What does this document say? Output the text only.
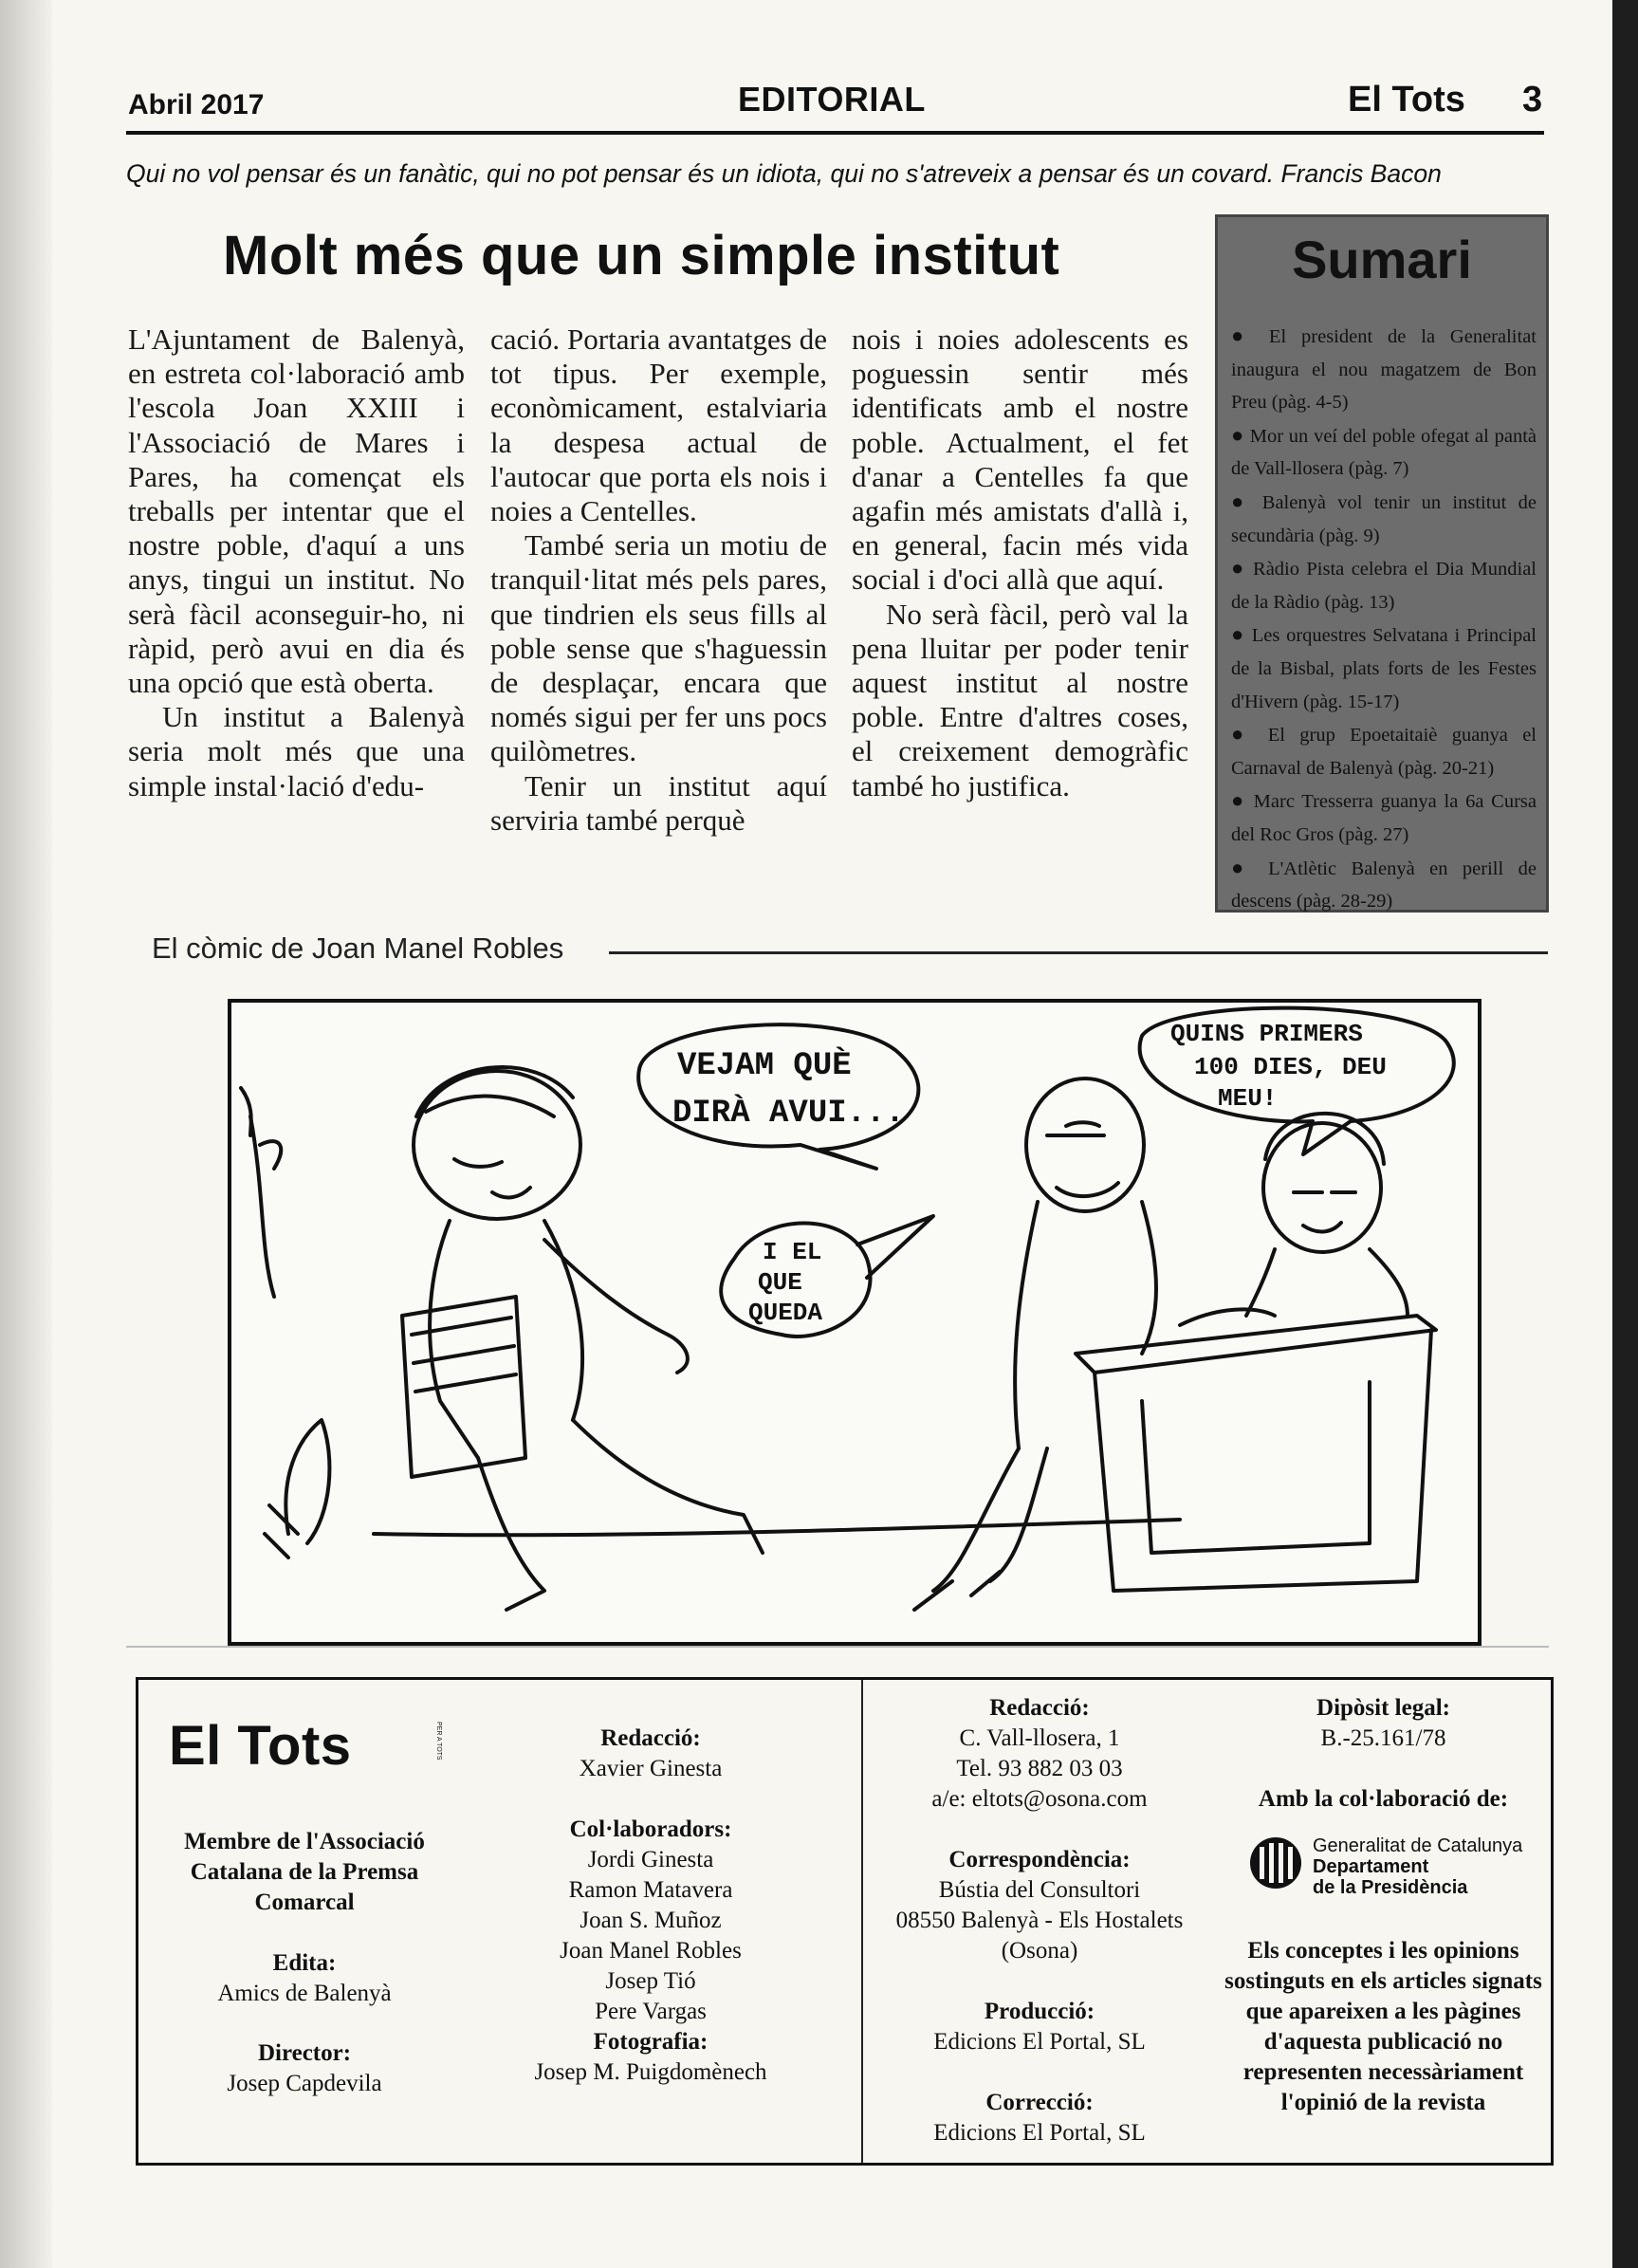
Abril 2017	EDITORIAL	El Tots 3
Qui no vol pensar és un fanàtic, qui no pot pensar és un idiota, qui no s'atreveix a pensar és un covard. Francis Bacon
Molt més que un simple institut

L'Ajuntament de Balenyà, en estreta col·laboració amb l'escola Joan XXIII i l'Associació de Mares i Pares, ha començat els treballs per intentar que el nostre poble, d'aquí a uns anys, tingui un institut. No serà fàcil aconseguir-ho, ni ràpid, però avui en dia és una opció que està oberta.

Un institut a Balenyà seria molt més que una simple instal·lació d'edu-

cació. Portaria avantatges de tot tipus. Per exemple, econòmicament, estalviaria la despesa actual de l'autocar que porta els nois i noies a Centelles.

També seria un motiu de tranquil·litat més pels pares, que tindrien els seus fills al poble sense que s'haguessin de desplaçar, encara que només sigui per fer uns pocs quilòmetres.

Tenir un institut aquí serviria també perquè

nois i noies adolescents es poguessin sentir més identificats amb el nostre poble. Actualment, el fet d'anar a Centelles fa que agafin més amistats d'allà i, en general, facin més vida social i d'oci allà que aquí.

No serà fàcil, però val la pena lluitar per poder tenir aquest institut al nostre poble. Entre d'altres coses, el creixement demogràfic també ho justifica.

Sumari

● El president de la Generalitat inaugura el nou magatzem de Bon Preu (pàg. 4-5)

● Mor un veí del poble ofegat al pantà de Vall-llosera (pàg. 7)

● Balenyà vol tenir un institut de secundària (pàg. 9)

● Ràdio Pista celebra el Dia Mundial de la Ràdio (pàg. 13)

● Les orquestres Selvatana i Principal de la Bisbal, plats forts de les Festes d'Hivern (pàg. 15-17)

● El grup Epoetaitaiè guanya el Carnaval de Balenyà (pàg. 20-21)

● Marc Tresserra guanya la 6a Cursa del Roc Gros (pàg. 27)

● L'Atlètic Balenyà en perill de descens (pàg. 28-29)

El còmic de Joan Manel Robles
VEJAM QUÈ
DIRÀ AVUI...
I EL
QUE
QUEDA
QUINS PRIMERS
100 DIES, DEU
MEU!
El Tots	PER A TOTS

Membre de l'Associació Catalana de la Premsa Comarcal

Edita:

Amics de Balenyà

Director:

Josep Capdevila

Redacció:

Xavier Ginesta

Col·laboradors:

Jordi Ginesta

Ramon Matavera

Joan S. Muñoz

Joan Manel Robles

Josep Tió

Pere Vargas

Fotografia:

Josep M. Puigdomènech

Redacció:

C. Vall-llosera, 1

Tel. 93 882 03 03

a/e: eltots@osona.com

Correspondència:

Bústia del Consultori

08550 Balenyà - Els Hostalets

(Osona)

Producció:

Edicions El Portal, SL

Correcció:

Edicions El Portal, SL

Dipòsit legal:

B.-25.161/78

Amb la col·laboració de:

Els conceptes i les opinions sostinguts en els articles signats que apareixen a les pàgines d'aquesta publicació no representen necessàriament l'opinió de la revista

Generalitat de Catalunya
Departament
de la Presidència
